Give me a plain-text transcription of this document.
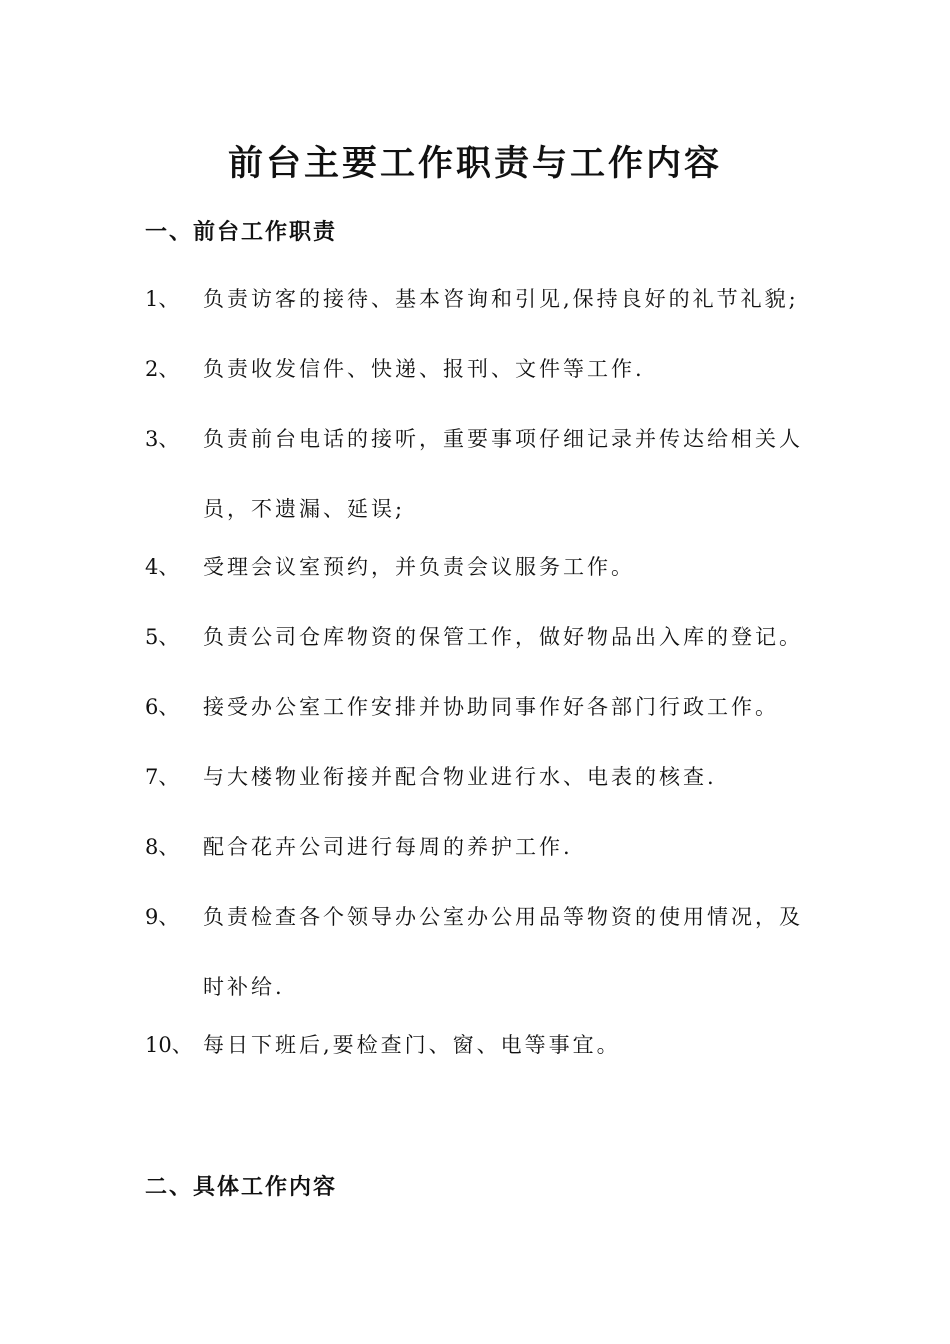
前台主要工作职责与工作内容
一、前台工作职责
1、	负责访客的接待、基本咨询和引见,保持良好的礼节礼貌;
2、	负责收发信件、快递、报刊、文件等工作.
3、	负责前台电话的接听，重要事项仔细记录并传达给相关人员，不遗漏、延误;
4、	受理会议室预约，并负责会议服务工作。
5、	负责公司仓库物资的保管工作，做好物品出入库的登记。
6、	接受办公室工作安排并协助同事作好各部门行政工作。
7、	与大楼物业衔接并配合物业进行水、电表的核查.
8、	配合花卉公司进行每周的养护工作.
9、	负责检查各个领导办公室办公用品等物资的使用情况，及时补给.
10、 每日下班后,要检查门、窗、电等事宜。
二、具体工作内容
